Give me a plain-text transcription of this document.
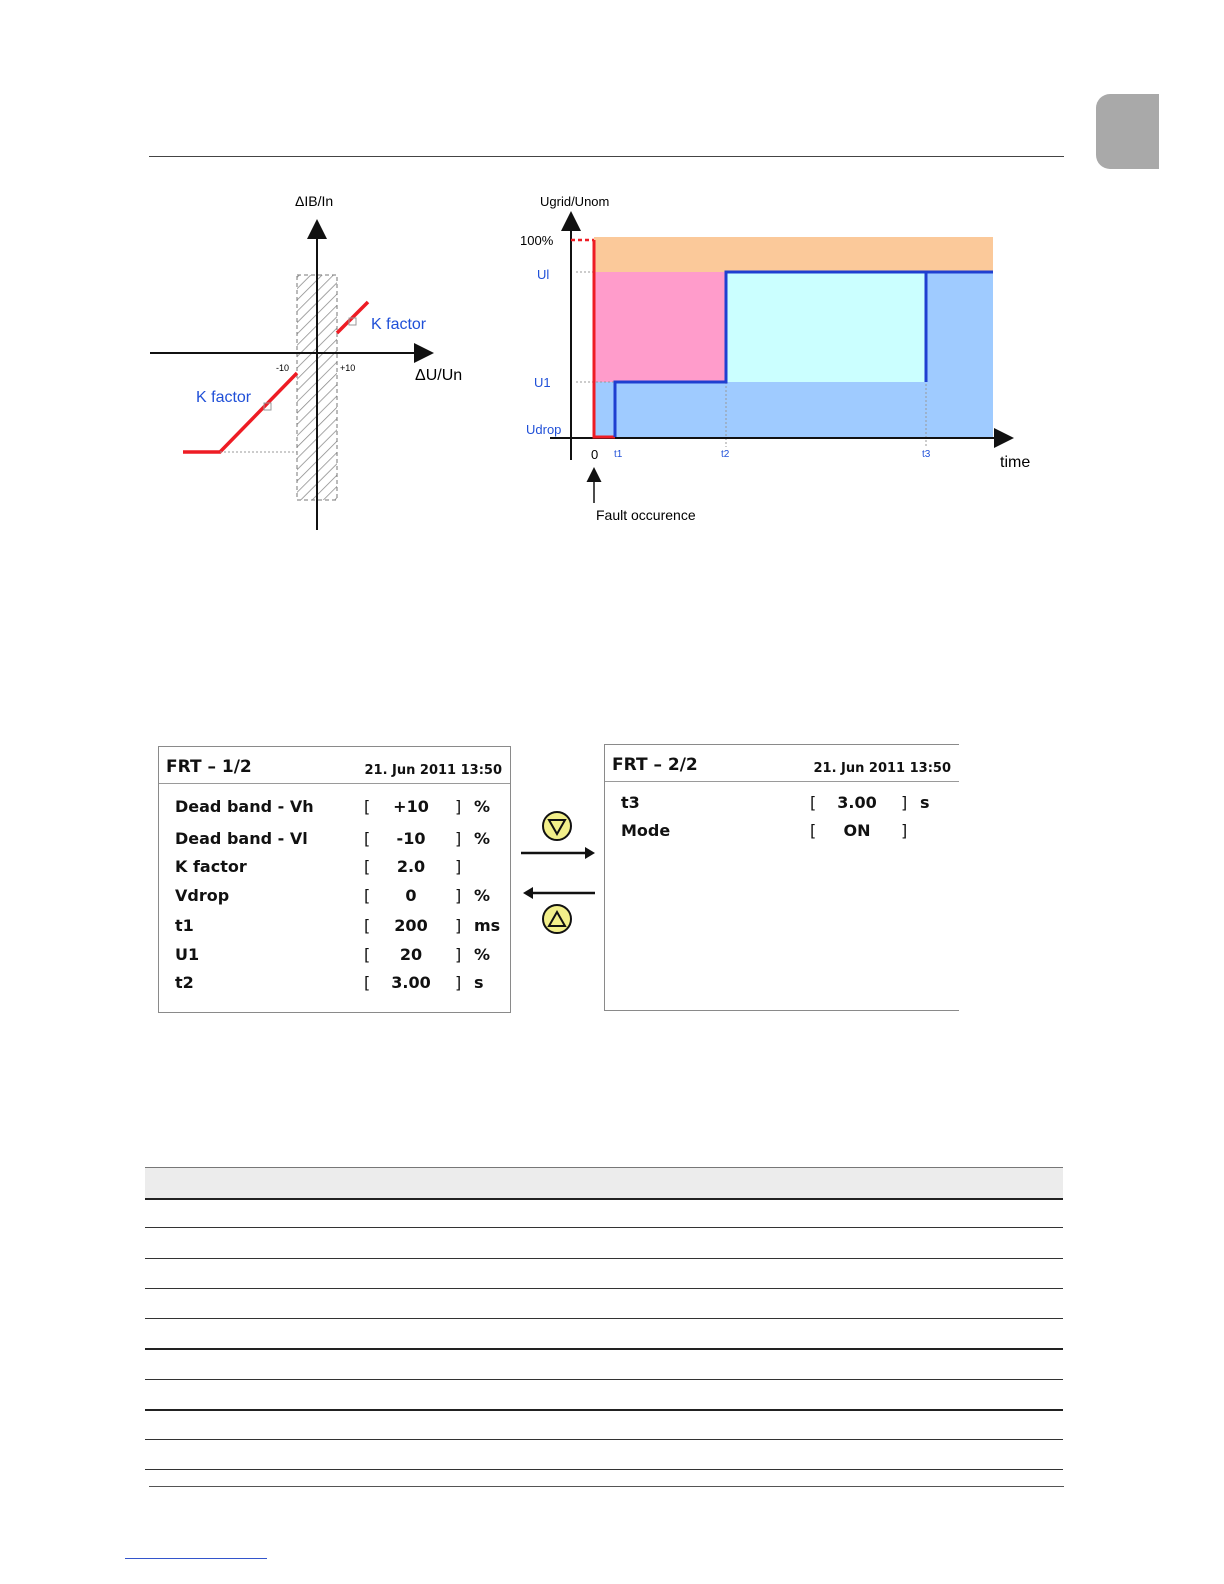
ΔIB/In
ΔU/Un
-10	+10
K factor
K factor
Ugrid/Unom
100%
Ul
U1
Udrop
0 t1	t2	t3	time
Fault occurence
FRT – 1/2	21. Jun 2011 13:50
Dead band - Vh	[	+10	] %
Dead band - Vl	[	-10	] %
K factor	[	2.0	]
Vdrop	[	0	] %
t1	[	200	] ms
U1	[	20	] %
t2	[	3.00	] s
FRT – 2/2	21. Jun 2011 13:50
t3	[	3.00	] s
Mode	[	ON	]
